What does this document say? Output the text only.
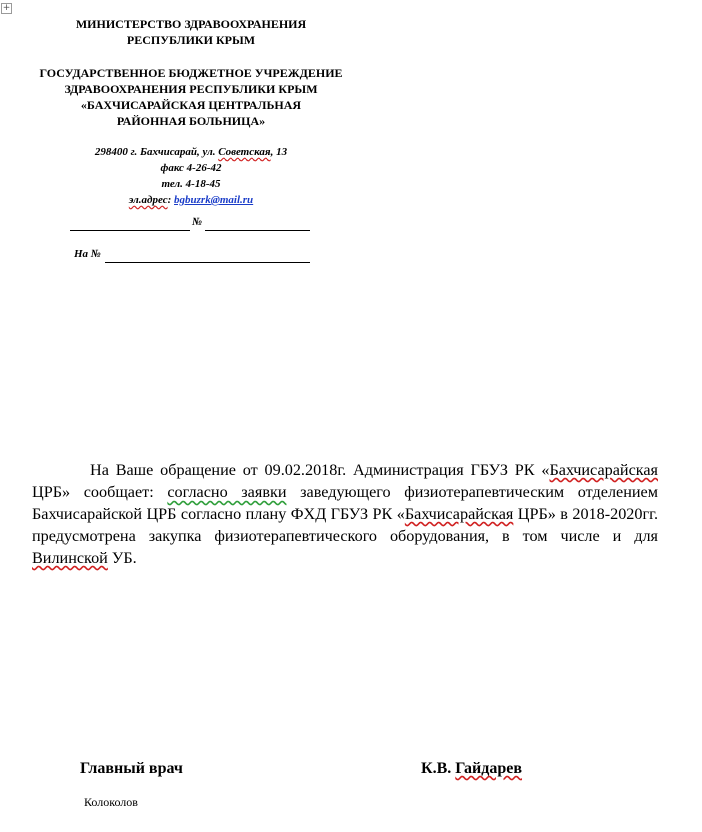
+
МИНИСТЕРСТВО ЗДРАВООХРАНЕНИЯ
РЕСПУБЛИКИ КРЫМ
ГОСУДАРСТВЕННОЕ БЮДЖЕТНОЕ УЧРЕЖДЕНИЕ
ЗДРАВООХРАНЕНИЯ РЕСПУБЛИКИ КРЫМ
«БАХЧИСАРАЙСКАЯ ЦЕНТРАЛЬНАЯ
РАЙОННАЯ БОЛЬНИЦА»
298400 г. Бахчисарай, ул. Советская, 13
факс 4-26-42
тел. 4-18-45
эл.адрес: bgbuzrk@mail.ru
№
На №
На Ваше обращение от 09.02.2018г. Администрация ГБУЗ РК «Бахчисарайская ЦРБ» сообщает: согласно заявки заведующего физиотерапевтическим отделением Бахчисарайской ЦРБ согласно плану ФХД ГБУЗ РК «Бахчисарайская ЦРБ» в 2018-2020гг. предусмотрена закупка физиотерапевтического оборудования, в том числе и для Вилинской УБ.
Главный врач	К.В. Гайдарев
Колоколов
